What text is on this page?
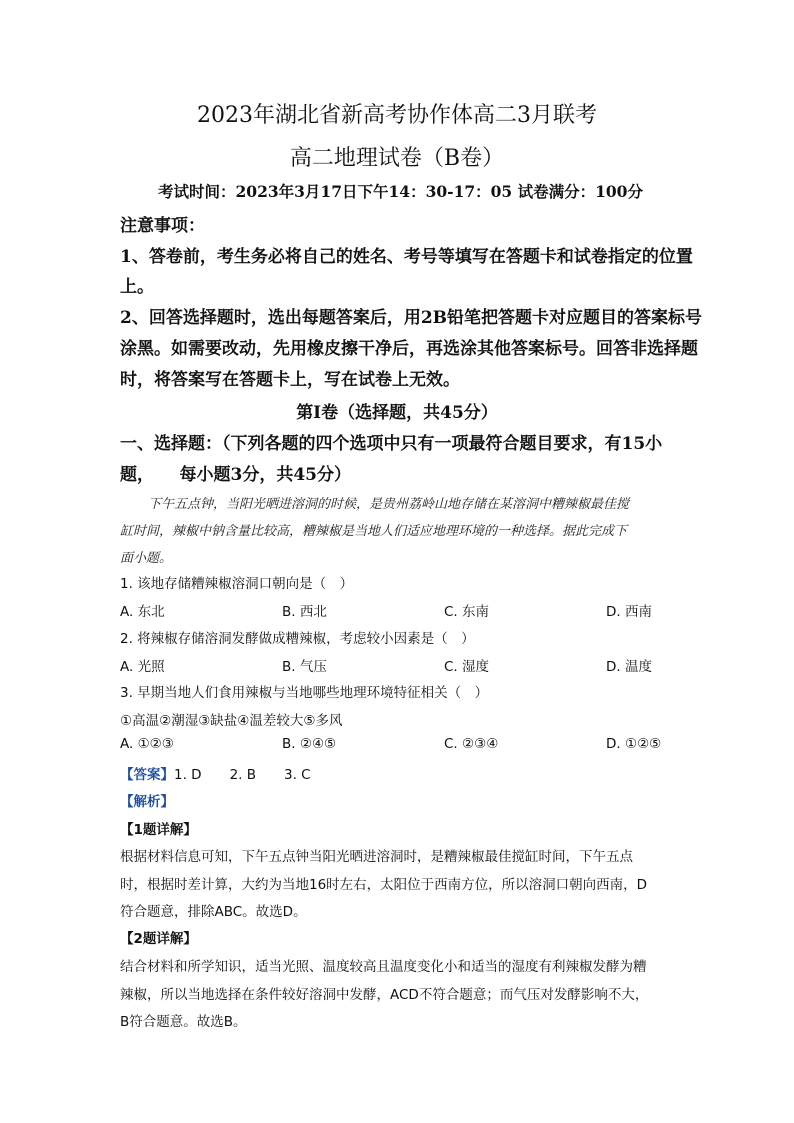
2023年湖北省新高考协作体高二3月联考
高二地理试卷（B卷）
考试时间：2023年3月17日下午14：30-17：05 试卷满分：100分
注意事项：
1、答卷前，考生务必将自己的姓名、考号等填写在答题卡和试卷指定的位置
上。
2、回答选择题时，选出每题答案后，用2B铅笔把答题卡对应题目的答案标号
涂黑。如需要改动，先用橡皮擦干净后，再选涂其他答案标号。回答非选择题
时，将答案写在答题卡上，写在试卷上无效。
第Ⅰ卷（选择题，共45分）
一、选择题：（下列各题的四个选项中只有一项最符合题目要求，有15小
题，　　每小题3分，共45分）
下午五点钟，当阳光晒进溶洞的时候，是贵州荔岭山地存储在某溶洞中糟辣椒最佳搅
缸时间，辣椒中钠含量比较高，糟辣椒是当地人们适应地理环境的一种选择。据此完成下
面小题。
1. 该地存储糟辣椒溶洞口朝向是（　）
A. 东北	B. 西北	C. 东南	D. 西南
2. 将辣椒存储溶洞发酵做成糟辣椒，考虑较小因素是（　）
A. 光照	B. 气压	C. 湿度	D. 温度
3. 早期当地人们食用辣椒与当地哪些地理环境特征相关（　）
①高温②潮湿③缺盐④温差较大⑤多风
A. ①②③	B. ②④⑤	C. ②③④	D. ①②⑤
【答案】1. D 2. B 3. C
【解析】
【1题详解】
根据材料信息可知，下午五点钟当阳光晒进溶洞时，是糟辣椒最佳搅缸时间，下午五点
时，根据时差计算，大约为当地16时左右，太阳位于西南方位，所以溶洞口朝向西南，D
符合题意，排除ABC。故选D。
【2题详解】
结合材料和所学知识，适当光照、温度较高且温度变化小和适当的湿度有利辣椒发酵为糟
辣椒，所以当地选择在条件较好溶洞中发酵，ACD不符合题意；而气压对发酵影响不大，
B符合题意。故选B。
